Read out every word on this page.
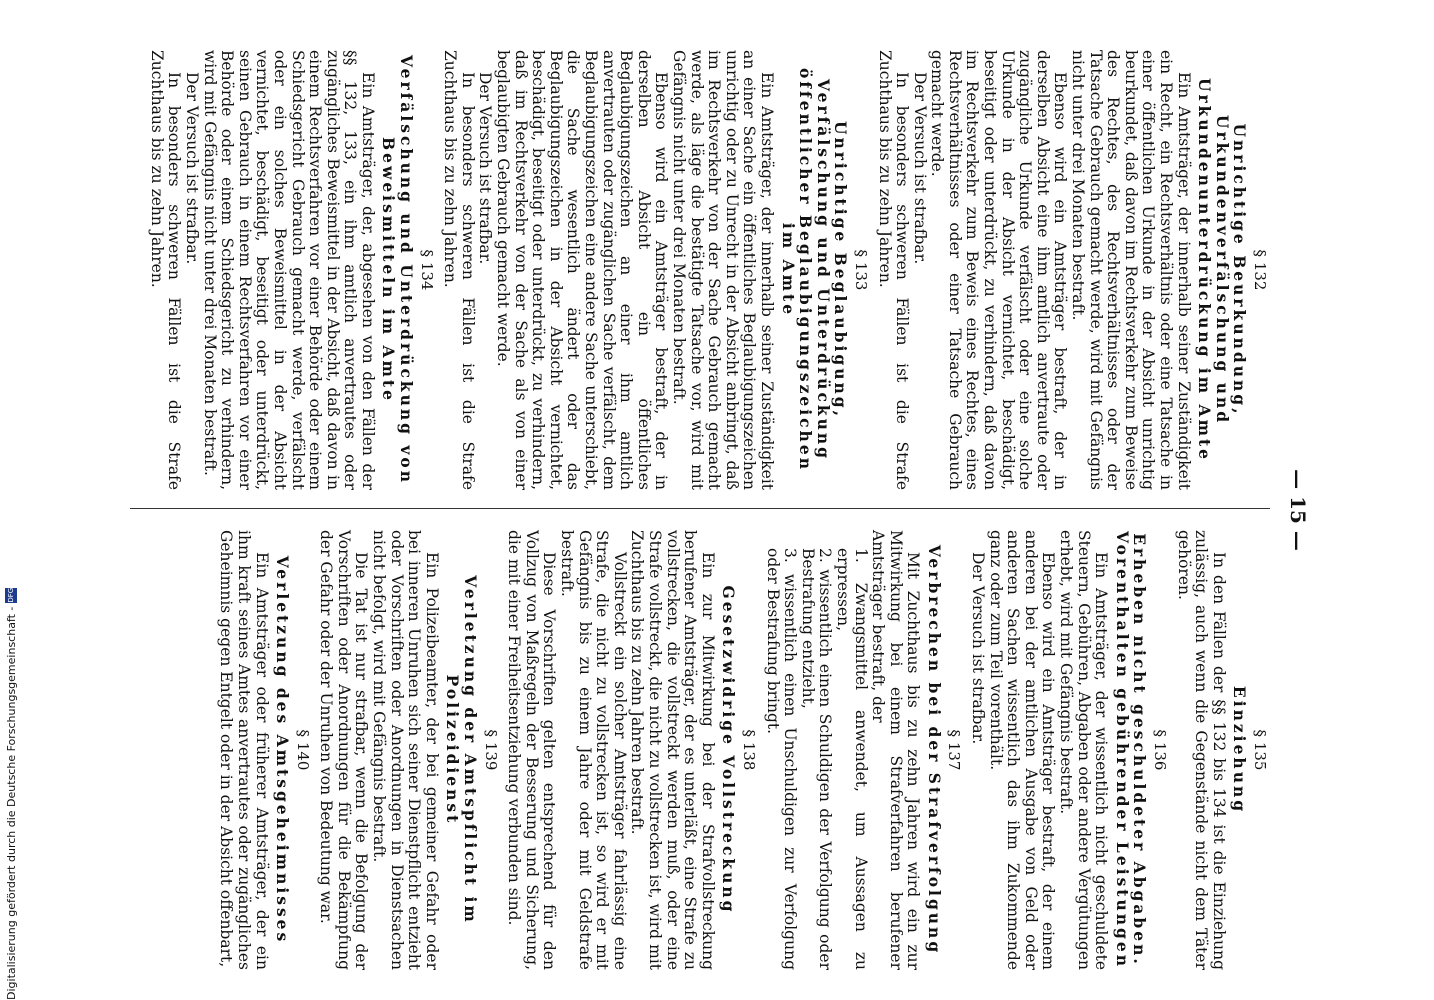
— 15 —
§ 132
Unrichtige Beurkundung, Urkundenverfälschung und Urkundenunterdrückung im Amte

Ein Amtsträger, der innerhalb seiner Zuständigkeit ein Recht, ein Rechtsverhältnis oder eine Tatsache in einer öffentlichen Urkunde in der Absicht unrichtig beurkundet, daß davon im Rechtsverkehr zum Beweise des Rechtes, des Rechtsverhältnisses oder der Tatsache Gebrauch gemacht werde, wird mit Gefängnis nicht unter drei Monaten bestraft.

Ebenso wird ein Amtsträger bestraft, der in derselben Absicht eine ihm amtlich anvertraute oder zugängliche Urkunde verfälscht oder eine solche Urkunde in der Absicht vernichtet, beschädigt, beseitigt oder unterdrückt, zu verhindern, daß davon im Rechtsverkehr zum Beweis eines Rechtes, eines Rechtsverhältnisses oder einer Tatsache Gebrauch gemacht werde.

Der Versuch ist strafbar.

In besonders schweren Fällen ist die Strafe Zuchthaus bis zu zehn Jahren.

§ 133
Unrichtige Beglaubigung, Verfälschung und Unterdrückung öffentlicher Beglaubigungszeichen im Amte

Ein Amtsträger, der innerhalb seiner Zuständigkeit an einer Sache ein öffentliches Beglaubigungszeichen unrichtig oder zu Unrecht in der Absicht anbringt, daß im Rechtsverkehr von der Sache Gebrauch gemacht werde, als läge die bestätigte Tatsache vor, wird mit Gefängnis nicht unter drei Monaten bestraft.

Ebenso wird ein Amtsträger bestraft, der in derselben Absicht ein öffentliches Beglaubigungszeichen an einer ihm amtlich anvertrauten oder zugänglichen Sache verfälscht, dem Beglaubigungszeichen eine andere Sache unterschiebt, die Sache wesentlich ändert oder das Beglaubigungszeichen in der Absicht vernichtet, beschädigt, beseitigt oder unterdrückt, zu verhindern, daß im Rechtsverkehr von der Sache als von einer beglaubigten Gebrauch gemacht werde.

Der Versuch ist strafbar.

In besonders schweren Fällen ist die Strafe Zuchthaus bis zu zehn Jahren.

§ 134
Verfälschung und Unterdrückung von Beweismitteln im Amte

Ein Amtsträger, der, abgesehen von den Fällen der §§ 132, 133, ein ihm amtlich anvertrautes oder zugängliches Beweismittel in der Absicht, daß davon in einem Rechtsverfahren vor einer Behörde oder einem Schiedsgericht Gebrauch gemacht werde, verfälscht oder ein solches Beweismittel in der Absicht vernichtet, beschädigt, beseitigt oder unterdrückt, seinen Gebrauch in einem Rechtsverfahren vor einer Behörde oder einem Schiedsgericht zu verhindern, wird mit Gefängnis nicht unter drei Monaten bestraft.

Der Versuch ist strafbar.

In besonders schweren Fällen ist die Strafe Zuchthaus bis zu zehn Jahren.

§ 135
Einziehung

In den Fällen der §§ 132 bis 134 ist die Einziehung zulässig, auch wenn die Gegenstände nicht dem Täter gehören.

§ 136
Erheben nicht geschuldeter Abgaben. Vorenthalten gebührender Leistungen

Ein Amtsträger, der wissentlich nicht geschuldete Steuern, Gebühren, Abgaben oder andere Vergütungen erhebt, wird mit Gefängnis bestraft.

Ebenso wird ein Amtsträger bestraft, der einem anderen bei der amtlichen Ausgabe von Geld oder anderen Sachen wissentlich das ihm Zukommende ganz oder zum Teil vorenthält.

Der Versuch ist strafbar.

§ 137
Verbrechen bei der Strafverfolgung

Mit Zuchthaus bis zu zehn Jahren wird ein zur Mitwirkung bei einem Strafverfahren berufener Amtsträger bestraft, der

1. Zwangsmittel anwendet, um Aussagen zu erpressen,
2. wissentlich einen Schuldigen der Verfolgung oder Bestrafung entzieht,
3. wissentlich einen Unschuldigen zur Verfolgung oder Bestrafung bringt.
§ 138
Gesetzwidrige Vollstreckung

Ein zur Mitwirkung bei der Strafvollstreckung berufener Amtsträger, der es unterläßt, eine Strafe zu vollstrecken, die vollstreckt werden muß, oder eine Strafe vollstreckt, die nicht zu vollstrecken ist, wird mit Zuchthaus bis zu zehn Jahren bestraft.

Vollstreckt ein solcher Amtsträger fahrlässig eine Strafe, die nicht zu vollstrecken ist, so wird er mit Gefängnis bis zu einem Jahre oder mit Geldstrafe bestraft.

Diese Vorschriften gelten entsprechend für den Vollzug von Maßregeln der Besserung und Sicherung, die mit einer Freiheitsentziehung verbunden sind.

§ 139
Verletzung der Amtspflicht im Polizeidienst

Ein Polizeibeamter, der bei gemeiner Gefahr oder bei inneren Unruhen sich seiner Dienstpflicht entzieht oder Vorschriften oder Anordnungen in Dienstsachen nicht befolgt, wird mit Gefängnis bestraft.

Die Tat ist nur strafbar, wenn die Befolgung der Vorschriften oder Anordnungen für die Bekämpfung der Gefahr oder der Unruhen von Bedeutung war.

§ 140
Verletzung des Amtsgeheimnisses

Ein Amtsträger oder früherer Amtsträger, der ein ihm kraft seines Amtes anvertrautes oder zugängliches Geheimnis gegen Entgelt oder in der Absicht offenbart,

Digitalisierung gefördert durch die Deutsche Forschungsgemeinschaft -
DFG
